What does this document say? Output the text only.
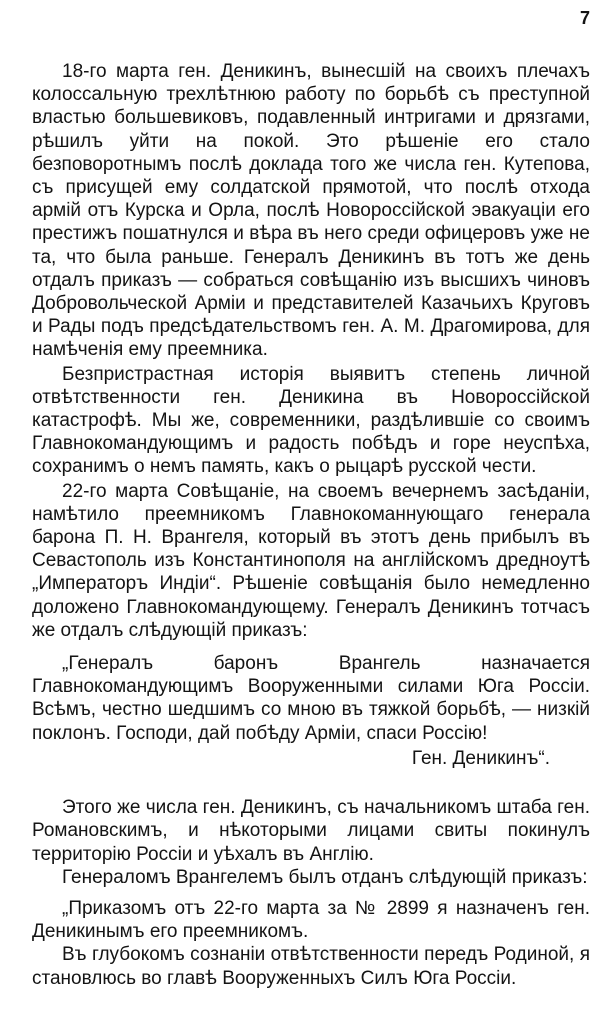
7

18-го марта ген. Деникинъ, вынесшій на своихъ плечахъ колоссальную трехлѣтнюю работу по борьбѣ съ преступной властью большевиковъ, подавленный интригами и дрязгами, рѣшилъ уйти на покой. Это рѣшеніе его стало безповоротнымъ послѣ доклада того же числа ген. Кутепова, съ присущей ему солдатской прямотой, что послѣ отхода армій отъ Курска и Орла, послѣ Новороссійской эвакуаціи его престижъ пошатнулся и вѣра въ него среди офицеровъ уже не та, что была раньше. Генералъ Деникинъ въ тотъ же день отдалъ приказъ — собраться совѣщанію изъ высшихъ чиновъ Добровольческой Арміи и представителей Казачьихъ Круговъ и Рады подъ предсѣдательствомъ ген. А. М. Драгомирова, для намѣченія ему преемника.

Безпристрастная исторія выявитъ степень личной отвѣтственности ген. Деникина въ Новороссійской катастрофѣ. Мы же, современники, раздѣлившіе со своимъ Главнокомандующимъ и радость побѣдъ и горе неуспѣха, сохранимъ о немъ память, какъ о рыцарѣ русской чести.

22-го марта Совѣщаніе, на своемъ вечернемъ засѣданіи, намѣтило преемникомъ Главнокоманнующаго генерала барона П. Н. Врангеля, который въ этотъ день прибылъ въ Севастополь изъ Константинополя на англійскомъ дредноутѣ „Императоръ Индіи“. Рѣшеніе совѣщанія было немедленно доложено Главнокомандующему. Генералъ Деникинъ тотчасъ же отдалъ слѣдующій приказъ:

„Генералъ баронъ Врангель назначается Главнокомандующимъ Вооруженными силами Юга Россіи. Всѣмъ, честно шедшимъ со мною въ тяжкой борьбѣ, — низкій поклонъ. Господи, дай побѣду Арміи, спаси Россію!

Ген. Деникинъ“.

Этого же числа ген. Деникинъ, съ начальникомъ штаба ген. Романовскимъ, и нѣкоторыми лицами свиты покинулъ территорію Россіи и уѣхалъ въ Англію.

Генераломъ Врангелемъ былъ отданъ слѣдующій приказъ:

„Приказомъ отъ 22-го марта за № 2899 я назначенъ ген. Деникинымъ его преемникомъ.

Въ глубокомъ сознаніи отвѣтственности передъ Родиной, я становлюсь во главѣ Вооруженныхъ Силъ Юга Россіи.
